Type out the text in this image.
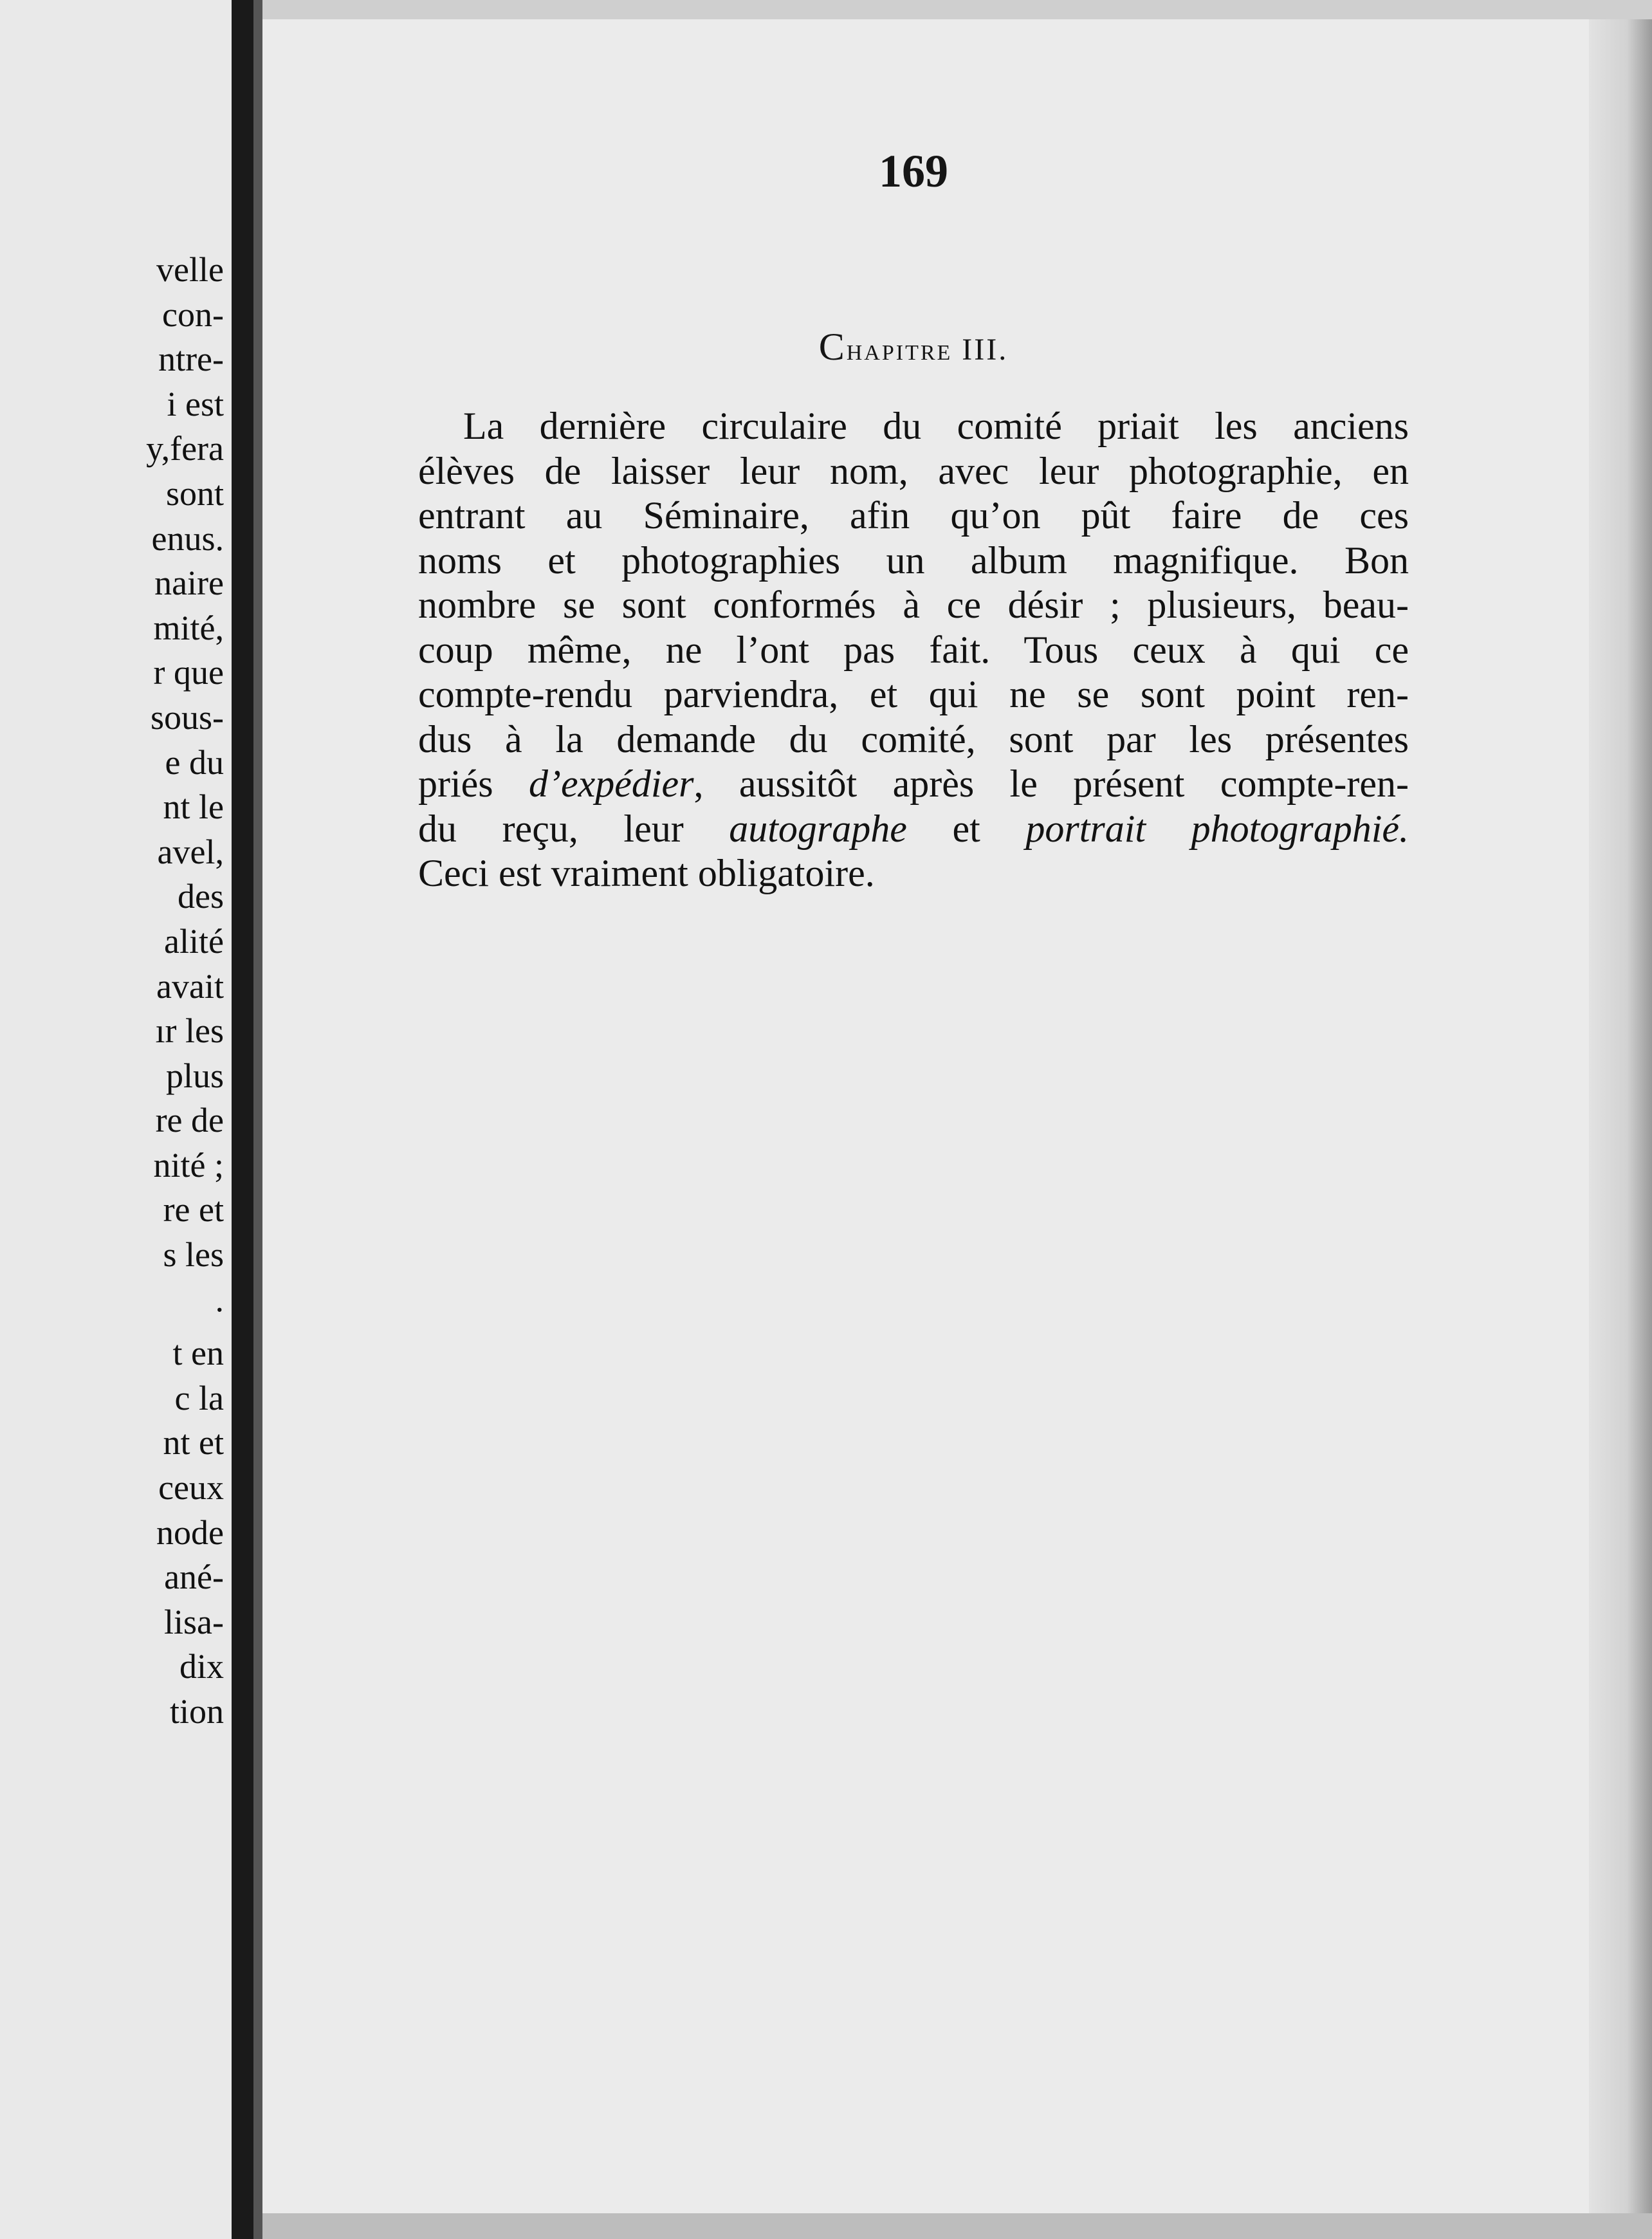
velle
con-
ntre-
i est
y,fera
sont
enus.
naire
mité,
r que
sous-
e du
nt le
avel,
des
alité
avait
ır les
plus
re de
nité ;
re et
s les
.
t en
c la
nt et
ceux
node
ané-
lisa-
dix
tion
169
Chapitre III.
La dernière circulaire du comité priait les anciens
élèves de laisser leur nom, avec leur photographie, en
entrant au Séminaire, afin qu’on pût faire de ces
noms et photographies un album magnifique. Bon
nombre se sont conformés à ce désir ; plusieurs, beau-
coup même, ne l’ont pas fait. Tous ceux à qui ce
compte-rendu parviendra, et qui ne se sont point ren-
dus à la demande du comité, sont par les présentes
priés d’expédier, aussitôt après le présent compte-ren-
du reçu, leur autographe et portrait photographié.
Ceci est vraiment obligatoire.
